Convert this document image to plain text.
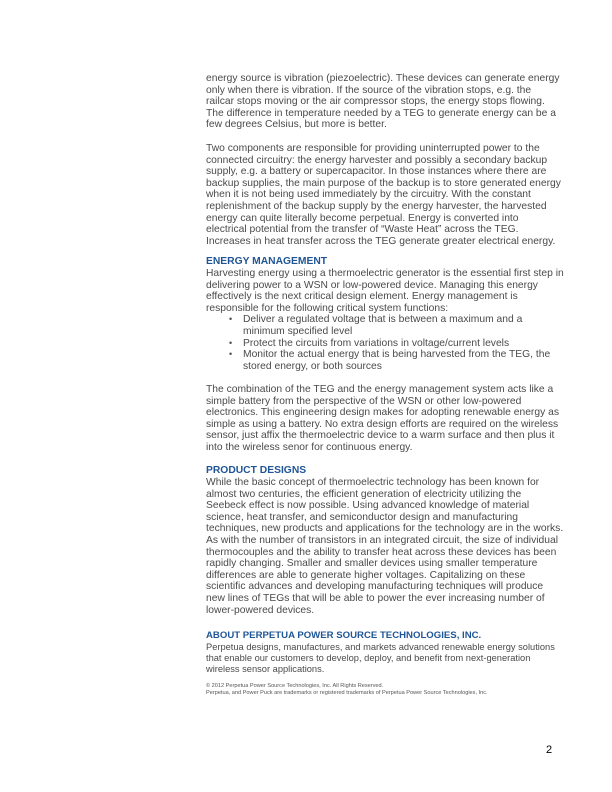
energy source is vibration (piezoelectric). These devices can generate energy
only when there is vibration. If the source of the vibration stops, e.g. the
railcar stops moving or the air compressor stops, the energy stops flowing.
The difference in temperature needed by a TEG to generate energy can be a
few degrees Celsius, but more is better.
Two components are responsible for providing uninterrupted power to the
connected circuitry: the energy harvester and possibly a secondary backup
supply, e.g. a battery or supercapacitor. In those instances where there are
backup supplies, the main purpose of the backup is to store generated energy
when it is not being used immediately by the circuitry. With the constant
replenishment of the backup supply by the energy harvester, the harvested
energy can quite literally become perpetual. Energy is converted into
electrical potential from the transfer of “Waste Heat” across the TEG.
Increases in heat transfer across the TEG generate greater electrical energy.
ENERGY MANAGEMENT
Harvesting energy using a thermoelectric generator is the essential first step in
delivering power to a WSN or low-powered device. Managing this energy
effectively is the next critical design element. Energy management is
responsible for the following critical system functions:
• Deliver a regulated voltage that is between a maximum and a
minimum specified level
• Protect the circuits from variations in voltage/current levels
• Monitor the actual energy that is being harvested from the TEG, the
stored energy, or both sources
The combination of the TEG and the energy management system acts like a
simple battery from the perspective of the WSN or other low-powered
electronics. This engineering design makes for adopting renewable energy as
simple as using a battery. No extra design efforts are required on the wireless
sensor, just affix the thermoelectric device to a warm surface and then plus it
into the wireless senor for continuous energy.
PRODUCT DESIGNS
While the basic concept of thermoelectric technology has been known for
almost two centuries, the efficient generation of electricity utilizing the
Seebeck effect is now possible. Using advanced knowledge of material
science, heat transfer, and semiconductor design and manufacturing
techniques, new products and applications for the technology are in the works.
As with the number of transistors in an integrated circuit, the size of individual
thermocouples and the ability to transfer heat across these devices has been
rapidly changing. Smaller and smaller devices using smaller temperature
differences are able to generate higher voltages. Capitalizing on these
scientific advances and developing manufacturing techniques will produce
new lines of TEGs that will be able to power the ever increasing number of
lower-powered devices.
ABOUT PERPETUA POWER SOURCE TECHNOLOGIES, INC.
Perpetua designs, manufactures, and markets advanced renewable energy solutions
that enable our customers to develop, deploy, and benefit from next-generation
wireless sensor applications.
© 2012 Perpetua Power Source Technologies, Inc. All Rights Reserved.
Perpetua, and Power Puck are trademarks or registered trademarks of Perpetua Power Source Technologies, Inc.
2
